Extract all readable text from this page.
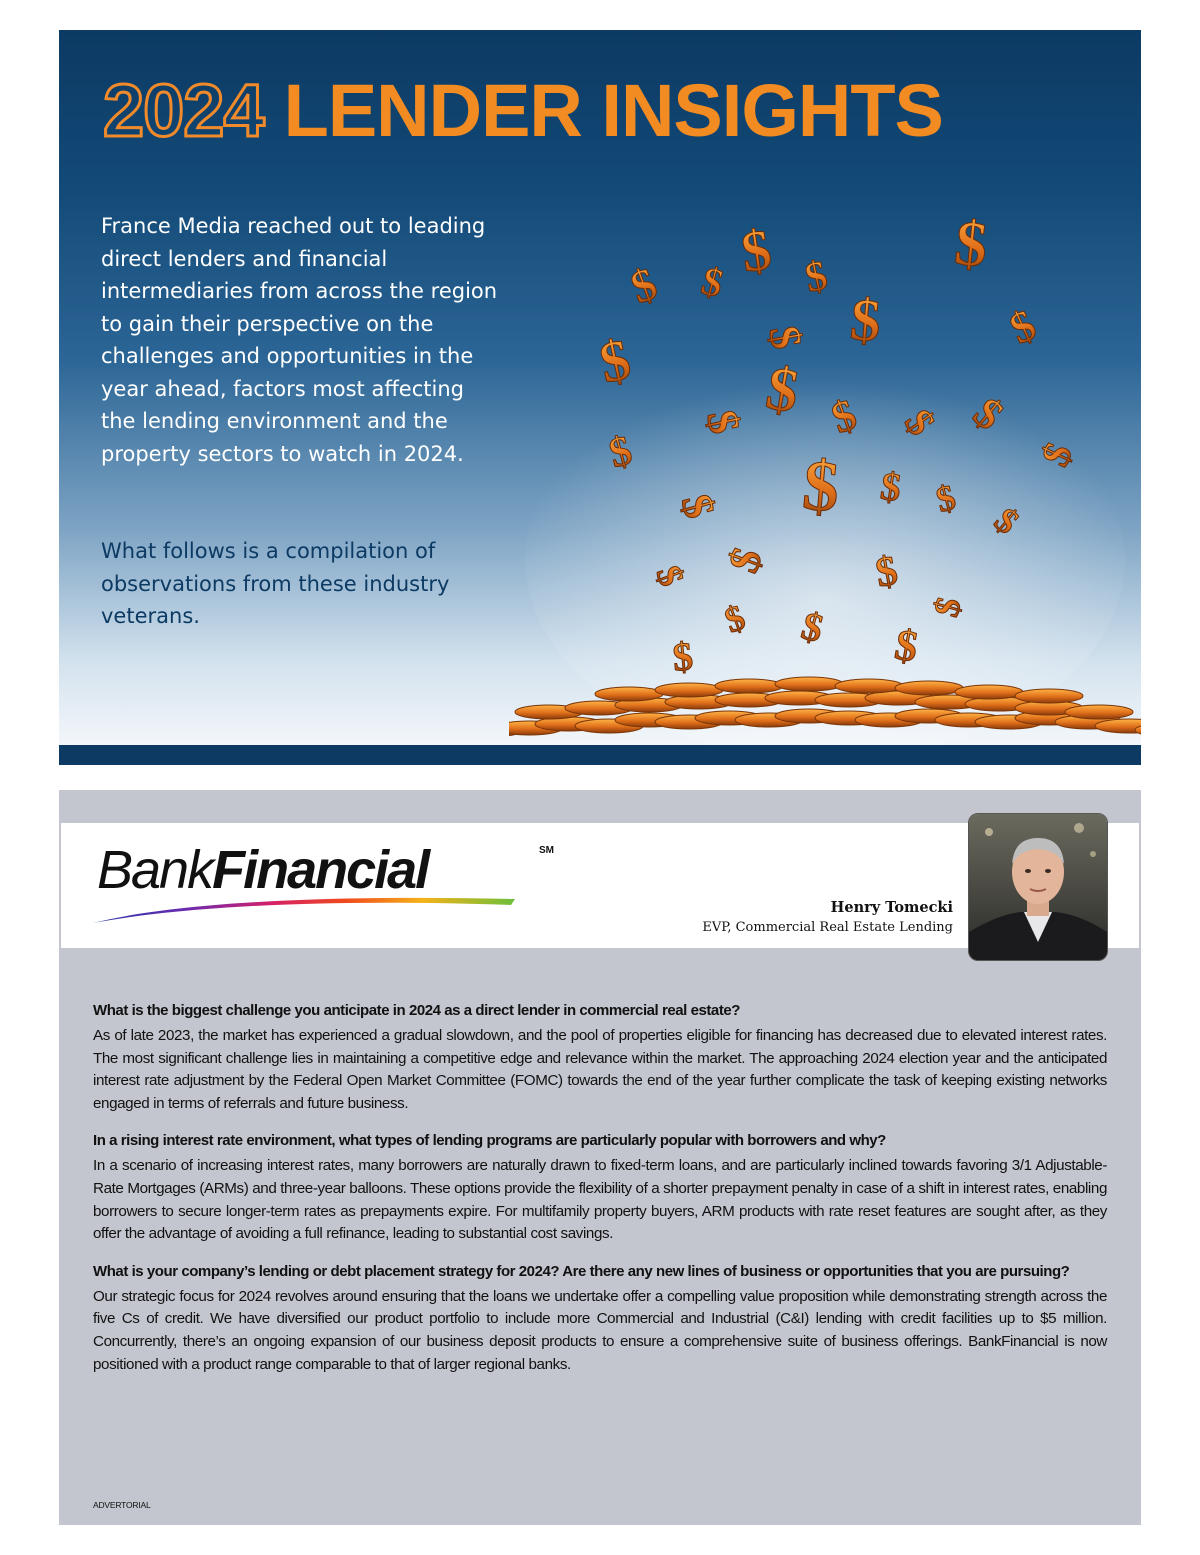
2024 LENDER INSIGHTS

France Media reached out to leading direct lenders and financial intermediaries from across the region to gain their perspective on the challenges and opportunities in the year ahead, factors most affecting the lending environment and the property sectors to watch in 2024.

What follows is a compilation of observations from these industry veterans.

$	$
$ $ $
$ $	$
$ $
$ $ $ $
$
$ $
$	$ $
$
$
$	$
$
$ $
$	$
BankFinancial	SM

Henry Tomecki

EVP, Commercial Real Estate Lending

What is the biggest challenge you anticipate in 2024 as a direct lender in commercial real estate?

As of late 2023, the market has experienced a gradual slowdown, and the pool of properties eligible for financing has decreased due to elevated interest rates. The most significant challenge lies in maintaining a competitive edge and relevance within the market. The approaching 2024 election year and the anticipated interest rate adjustment by the Federal Open Market Committee (FOMC) towards the end of the year further complicate the task of keeping existing networks engaged in terms of referrals and future business.

In a rising interest rate environment, what types of lending programs are particularly popular with borrowers and why?

In a scenario of increasing interest rates, many borrowers are naturally drawn to fixed-term loans, and are particularly inclined towards favoring 3/1 Adjustable-Rate Mortgages (ARMs) and three-year balloons. These options provide the flexibility of a shorter prepayment penalty in case of a shift in interest rates, enabling borrowers to secure longer-term rates as prepayments expire. For multifamily property buyers, ARM products with rate reset features are sought after, as they offer the advantage of avoiding a full refinance, leading to substantial cost savings.

What is your company’s lending or debt placement strategy for 2024? Are there any new lines of business or opportunities that you are pursuing?

Our strategic focus for 2024 revolves around ensuring that the loans we undertake offer a compelling value proposition while demonstrating strength across the five Cs of credit. We have diversified our product portfolio to include more Commercial and Industrial (C&I) lending with credit facilities up to $5 million. Concurrently, there’s an ongoing expansion of our business deposit products to ensure a comprehensive suite of business offerings. BankFinancial is now positioned with a product range comparable to that of larger regional banks.

ADVERTORIAL
